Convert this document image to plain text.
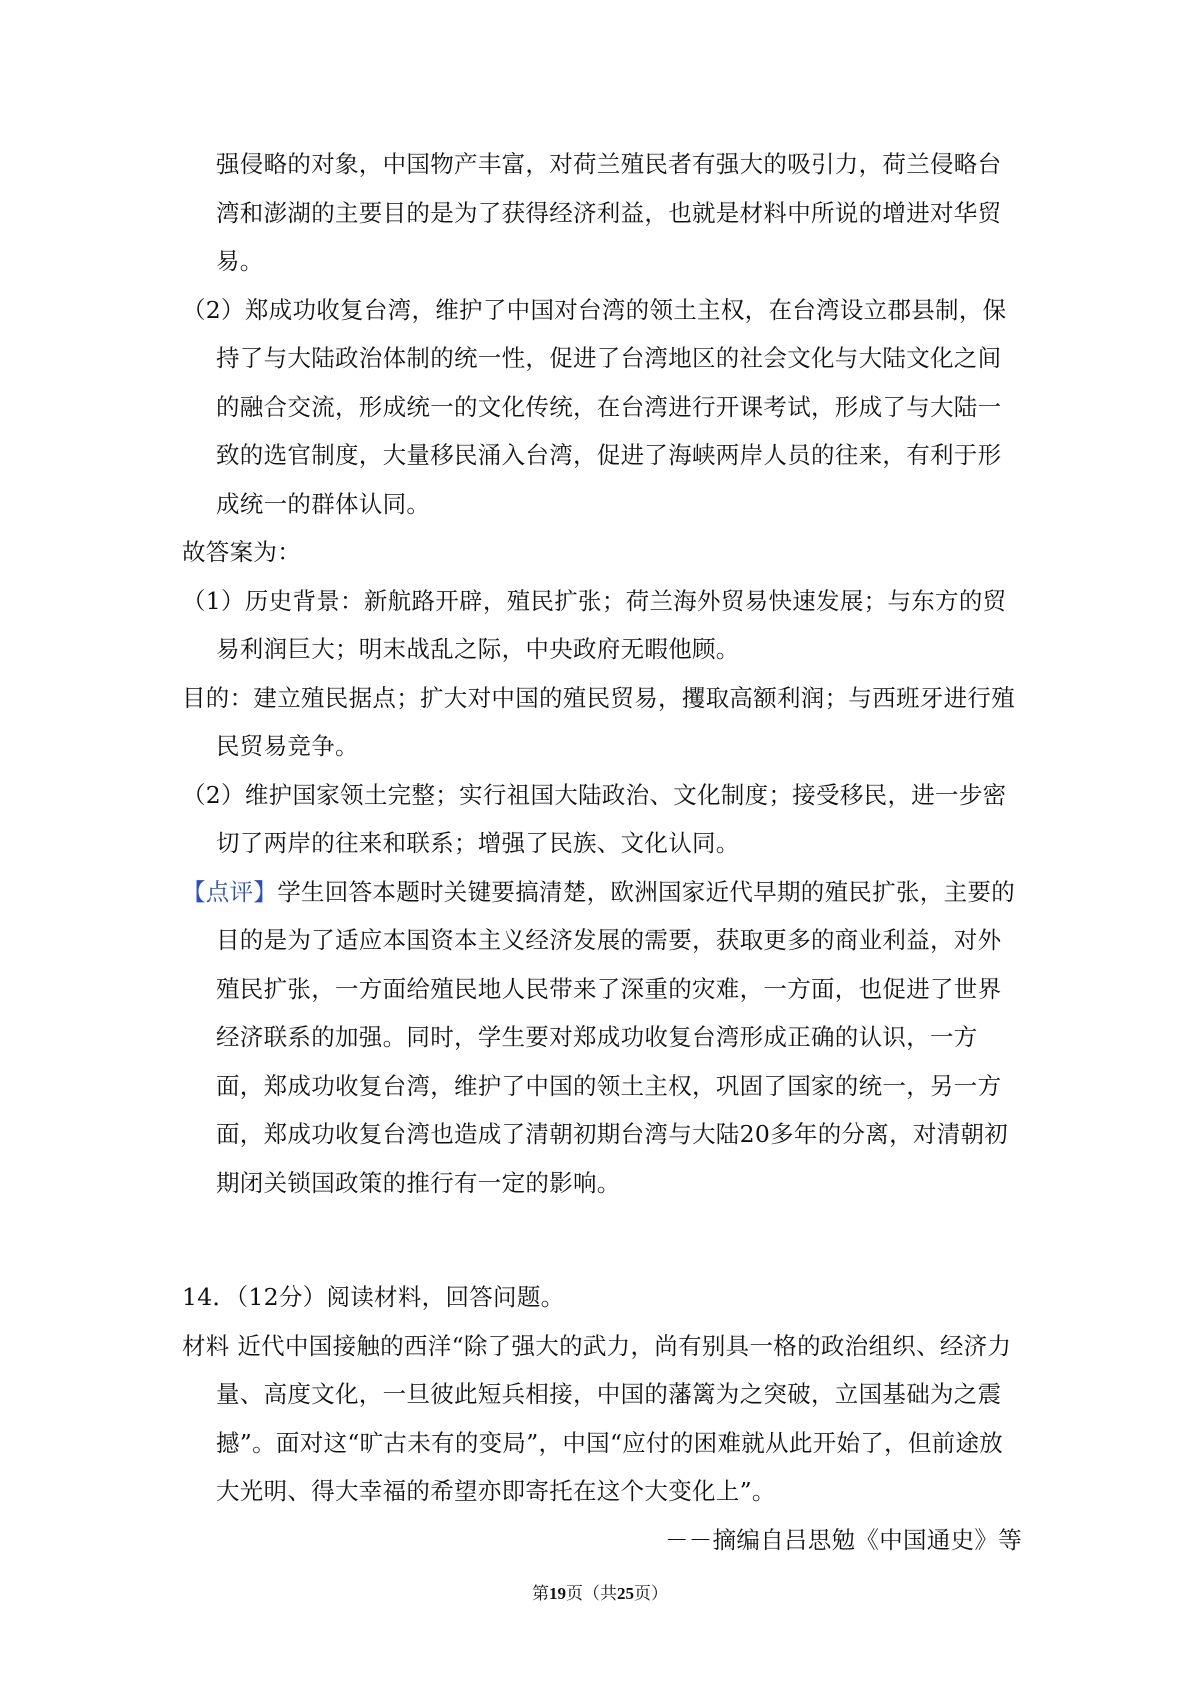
强侵略的对象，中国物产丰富，对荷兰殖民者有强大的吸引力，荷兰侵略台湾和澎湖的主要目的是为了获得经济利益，也就是材料中所说的增进对华贸易。

（2）郑成功收复台湾，维护了中国对台湾的领土主权，在台湾设立郡县制，保持了与大陆政治体制的统一性，促进了台湾地区的社会文化与大陆文化之间的融合交流，形成统一的文化传统，在台湾进行开课考试，形成了与大陆一致的选官制度，大量移民涌入台湾，促进了海峡两岸人员的往来，有利于形成统一的群体认同。

故答案为：

（1）历史背景：新航路开辟，殖民扩张；荷兰海外贸易快速发展；与东方的贸易利润巨大；明末战乱之际，中央政府无暇他顾。

目的：建立殖民据点；扩大对中国的殖民贸易，攫取高额利润；与西班牙进行殖民贸易竞争。

（2）维护国家领土完整；实行祖国大陆政治、文化制度；接受移民，进一步密切了两岸的往来和联系；增强了民族、文化认同。

【点评】学生回答本题时关键要搞清楚，欧洲国家近代早期的殖民扩张，主要的目的是为了适应本国资本主义经济发展的需要，获取更多的商业利益，对外殖民扩张，一方面给殖民地人民带来了深重的灾难，一方面，也促进了世界经济联系的加强。同时，学生要对郑成功收复台湾形成正确的认识，一方面，郑成功收复台湾，维护了中国的领土主权，巩固了国家的统一，另一方面，郑成功收复台湾也造成了清朝初期台湾与大陆20多年的分离，对清朝初期闭关锁国政策的推行有一定的影响。

14．（12分）阅读材料，回答问题。

材料 近代中国接触的西洋“除了强大的武力，尚有别具一格的政治组织、经济力量、高度文化，一旦彼此短兵相接，中国的藩篱为之突破，立国基础为之震撼”。面对这“旷古未有的变局”，中国“应付的困难就从此开始了，但前途放大光明、得大幸福的希望亦即寄托在这个大变化上”。

－－摘编自吕思勉《中国通史》等

第19页（共25页）
